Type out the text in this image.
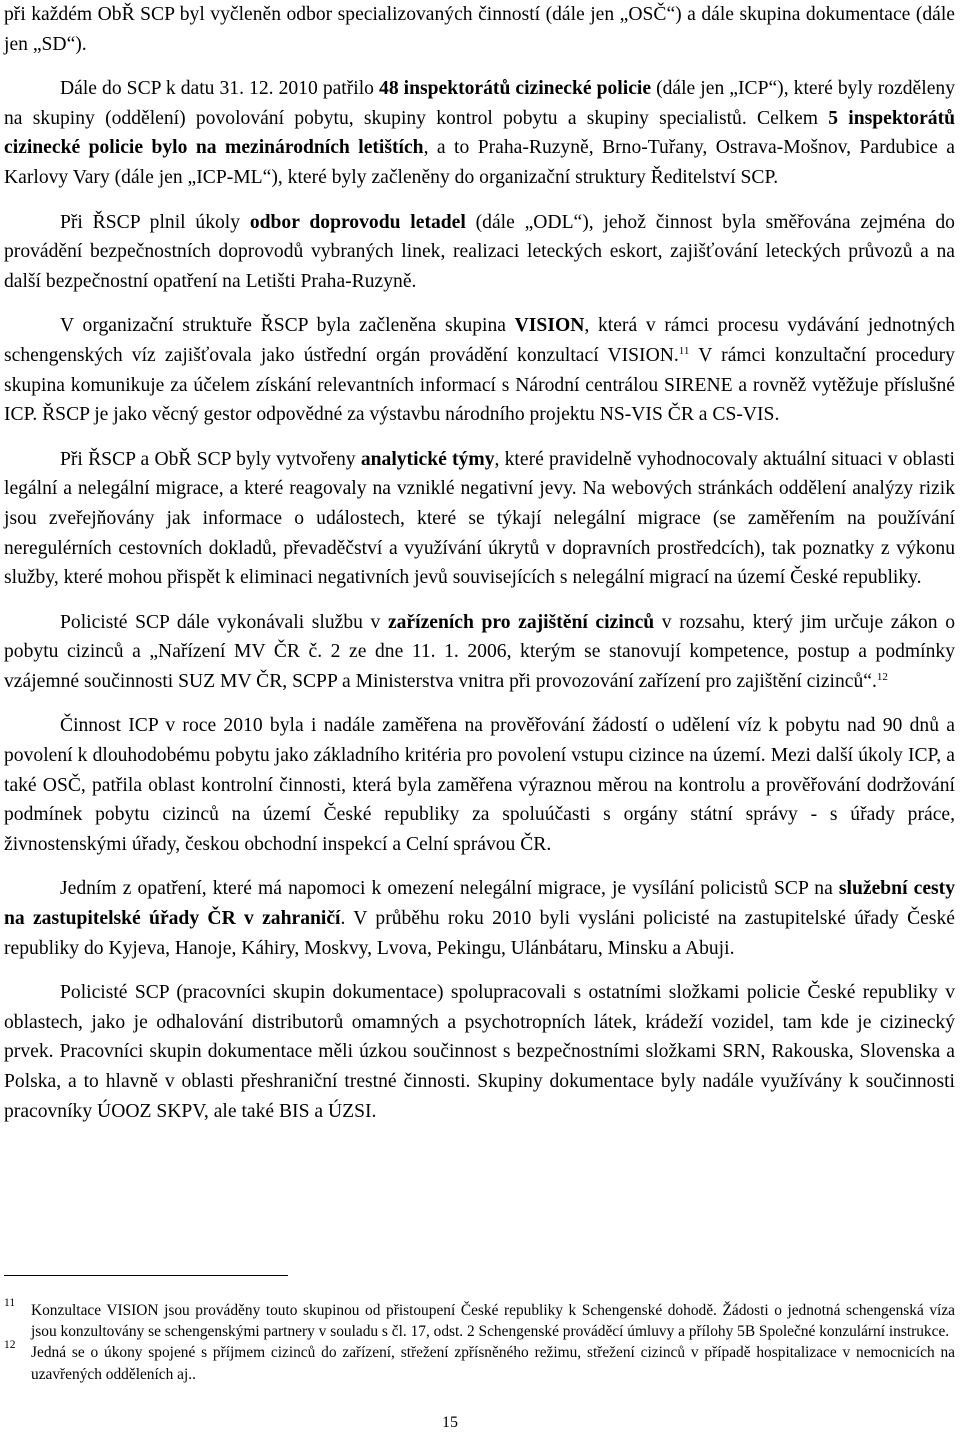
při každém ObŘ SCP byl vyčleněn odbor specializovaných činností (dále jen „OSČ“) a dále skupina dokumentace (dále jen „SD“).

Dále do SCP k datu 31. 12. 2010 patřilo 48 inspektorátů cizinecké policie (dále jen „ICP“), které byly rozděleny na skupiny (oddělení) povolování pobytu, skupiny kontrol pobytu a skupiny specialistů. Celkem 5 inspektorátů cizinecké policie bylo na mezinárodních letištích, a to Praha-Ruzyně, Brno-Tuřany, Ostrava-Mošnov, Pardubice a Karlovy Vary (dále jen „ICP-ML“), které byly začleněny do organizační struktury Ředitelství SCP.

Při ŘSCP plnil úkoly odbor doprovodu letadel (dále „ODL“), jehož činnost byla směřována zejména do provádění bezpečnostních doprovodů vybraných linek, realizaci leteckých eskort, zajišťování leteckých průvozů a na další bezpečnostní opatření na Letišti Praha-Ruzyně.

V organizační struktuře ŘSCP byla začleněna skupina VISION, která v rámci procesu vydávání jednotných schengenských víz zajišťovala jako ústřední orgán provádění konzultací VISION.$^{11}$ V rámci konzultační procedury skupina komunikuje za účelem získání relevantních informací s Národní centrálou SIRENE a rovněž vytěžuje příslušné ICP. ŘSCP je jako věcný gestor odpovědné za výstavbu národního projektu NS-VIS ČR a CS-VIS.

Při ŘSCP a ObŘ SCP byly vytvořeny analytické týmy, které pravidelně vyhodnocovaly aktuální situaci v oblasti legální a nelegální migrace, a které reagovaly na vzniklé negativní jevy. Na webových stránkách oddělení analýzy rizik jsou zveřejňovány jak informace o událostech, které se týkají nelegální migrace (se zaměřením na používání neregulérních cestovních dokladů, převaděčství a využívání úkrytů v dopravních prostředcích), tak poznatky z výkonu služby, které mohou přispět k eliminaci negativních jevů souvisejících s nelegální migrací na území České republiky.

Policisté SCP dále vykonávali službu v zařízeních pro zajištění cizinců v rozsahu, který jim určuje zákon o pobytu cizinců a „Nařízení MV ČR č. 2 ze dne 11. 1. 2006, kterým se stanovují kompetence, postup a podmínky vzájemné součinnosti SUZ MV ČR, SCPP a Ministerstva vnitra při provozování zařízení pro zajištění cizinců“.$^{12}$

Činnost ICP v roce 2010 byla i nadále zaměřena na prověřování žádostí o udělení víz k pobytu nad 90 dnů a povolení k dlouhodobému pobytu jako základního kritéria pro povolení vstupu cizince na území. Mezi další úkoly ICP, a také OSČ, patřila oblast kontrolní činnosti, která byla zaměřena výraznou měrou na kontrolu a prověřování dodržování podmínek pobytu cizinců na území České republiky za spoluúčasti s orgány státní správy - s úřady práce, živnostenskými úřady, českou obchodní inspekcí a Celní správou ČR.

Jedním z opatření, které má napomoci k omezení nelegální migrace, je vysílání policistů SCP na služební cesty na zastupitelské úřady ČR v zahraničí. V průběhu roku 2010 byli vysláni policisté na zastupitelské úřady České republiky do Kyjeva, Hanoje, Káhiry, Moskvy, Lvova, Pekingu, Ulánbátaru, Minsku a Abuji.

Policisté SCP (pracovníci skupin dokumentace) spolupracovali s ostatními složkami policie České republiky v oblastech, jako je odhalování distributorů omamných a psychotropních látek, krádeží vozidel, tam kde je cizinecký prvek. Pracovníci skupin dokumentace měli úzkou součinnost s bezpečnostními složkami SRN, Rakouska, Slovenska a Polska, a to hlavně v oblasti přeshraniční trestné činnosti. Skupiny dokumentace byly nadále využívány k součinnosti pracovníky ÚOOZ SKPV, ale také BIS a ÚZSI.

11 Konzultace VISION jsou prováděny touto skupinou od přistoupení České republiky k Schengenské dohodě. Žádosti o jednotná schengenská víza jsou konzultovány se schengenskými partnery v souladu s čl. 17, odst. 2 Schengenské prováděcí úmluvy a přílohy 5B Společné konzulární instrukce.
12 Jedná se o úkony spojené s příjmem cizinců do zařízení, střežení zpřísněného režimu, střežení cizinců v případě hospitalizace v nemocnicích na uzavřených odděleních aj..
15
